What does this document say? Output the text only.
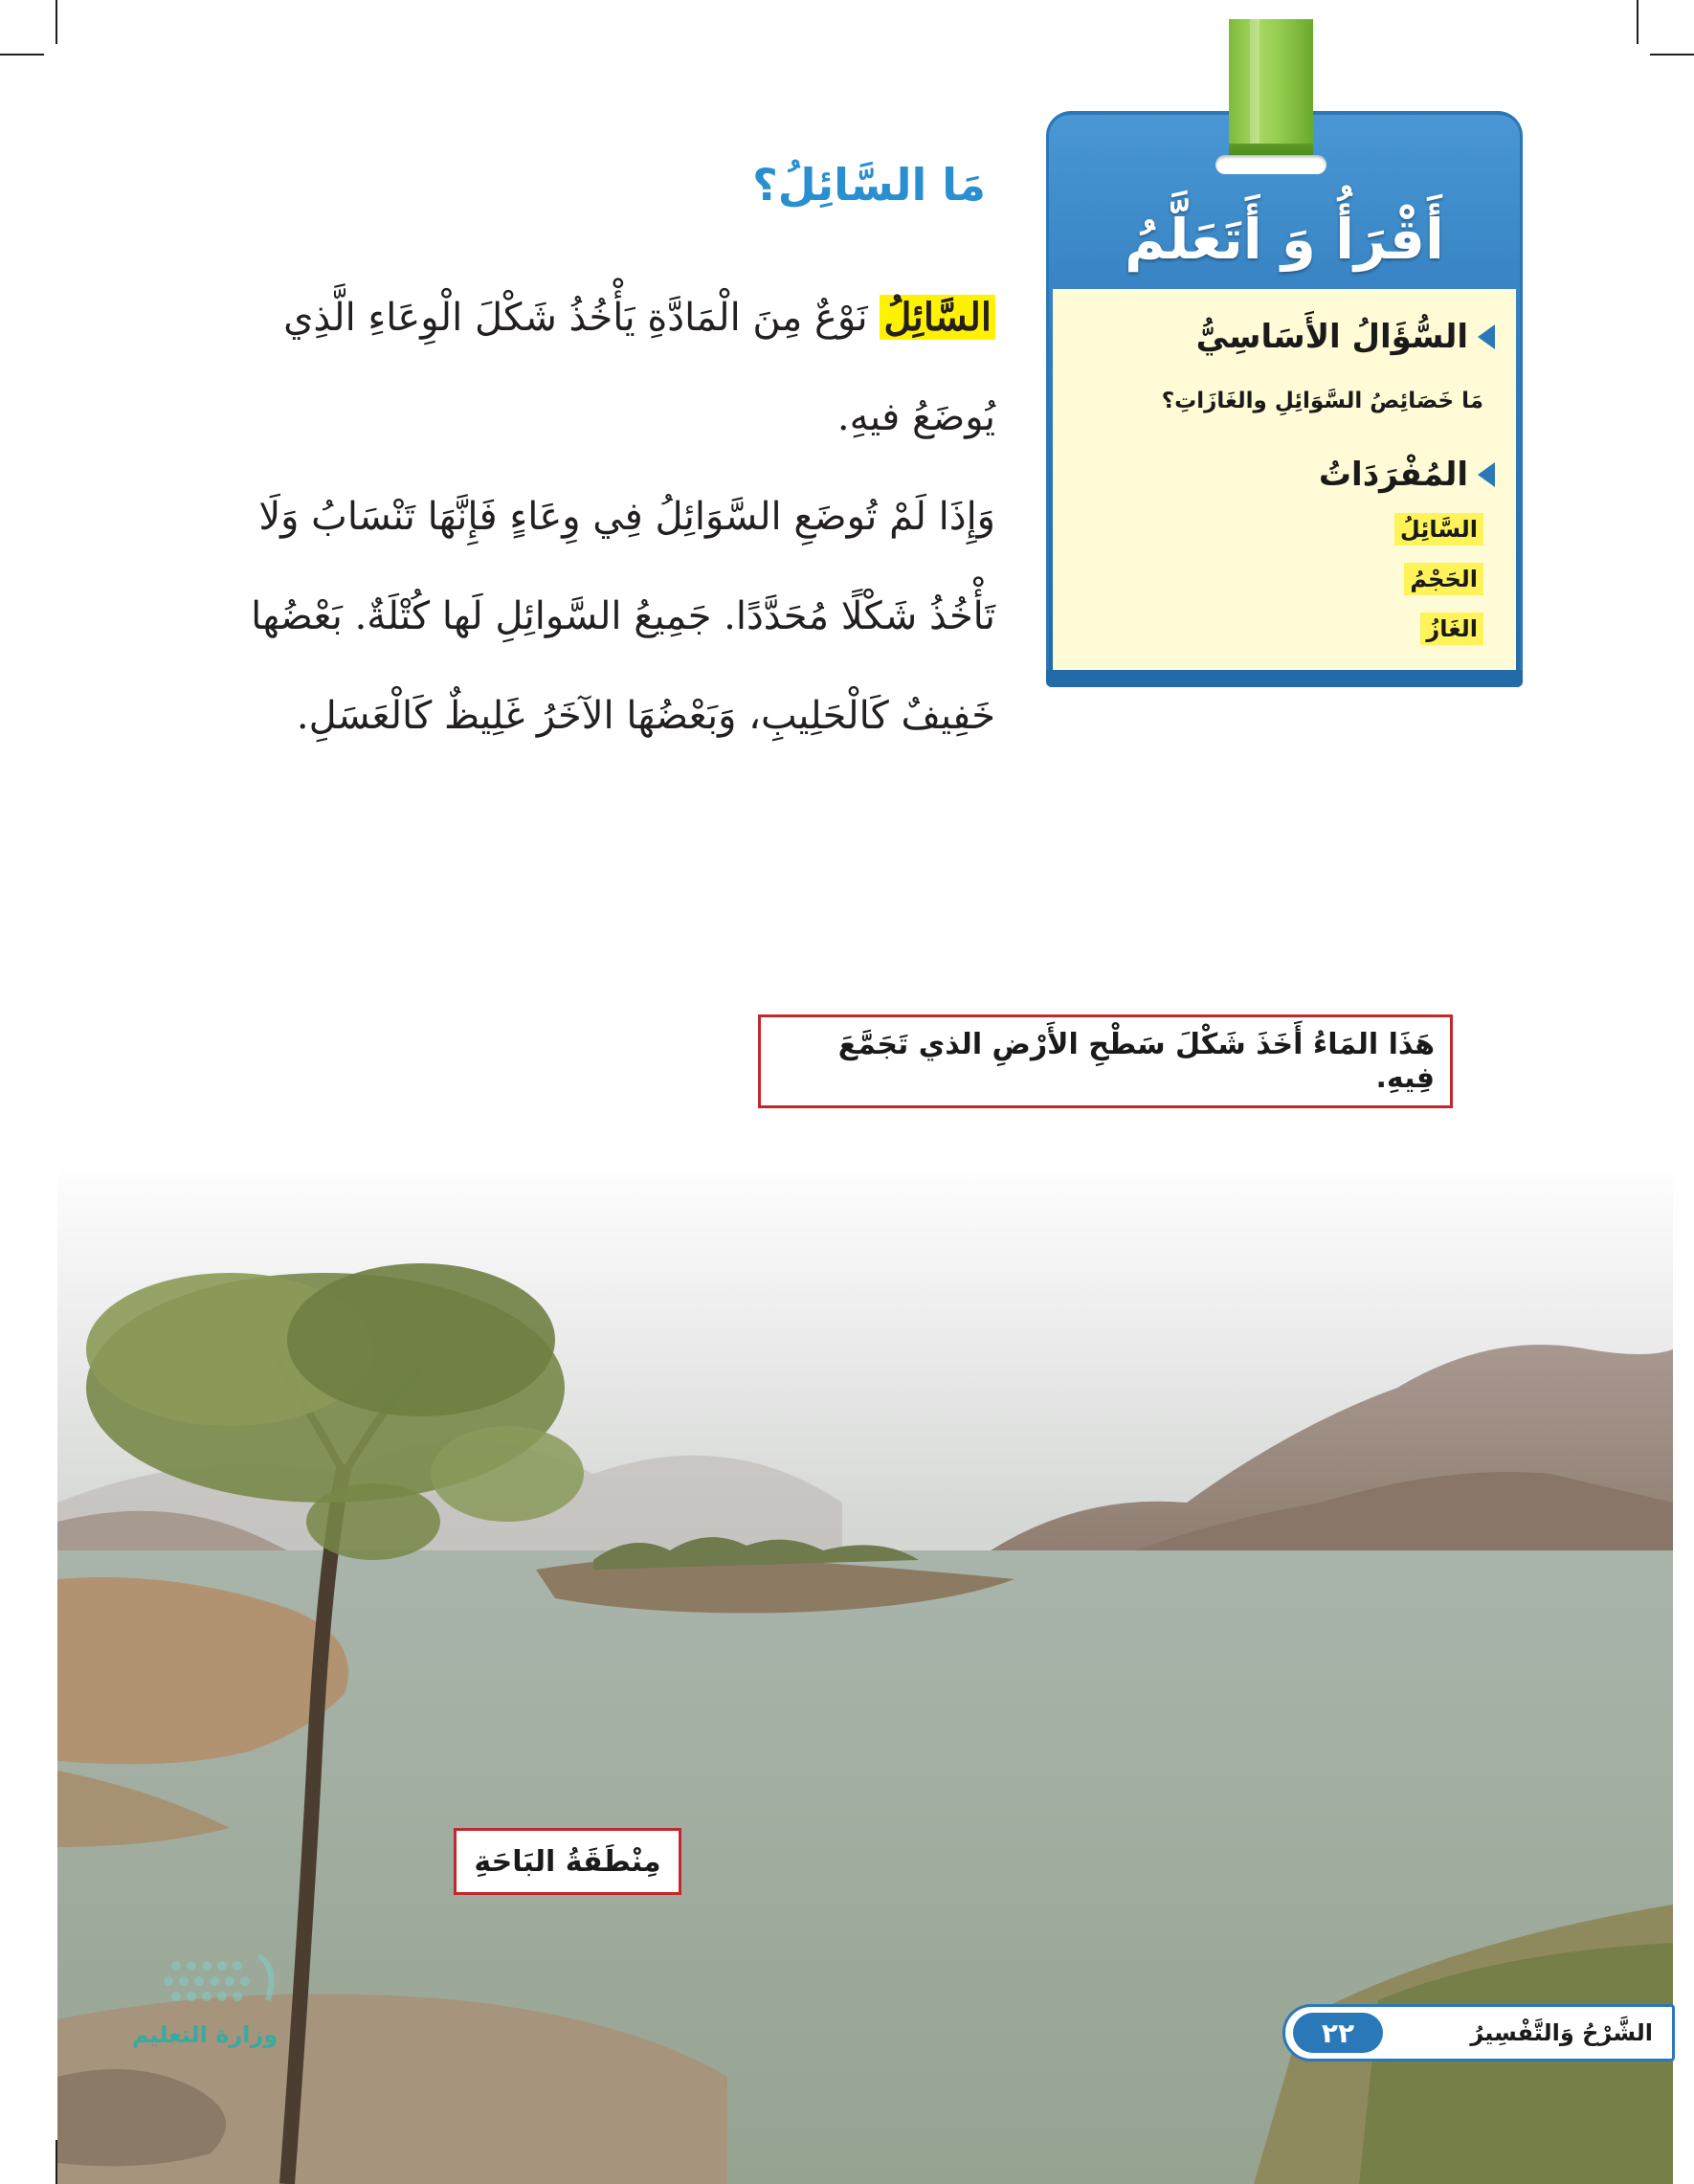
أَقْرَأُ وَ أَتَعَلَّمُ
السُّؤَالُ الأَسَاسِيُّ
مَا خَصَائِصُ السَّوَائِلِ والغَازَاتِ؟
المُفْرَدَاتُ
السَّائِلُ
الحَجْمُ
الغَازُ
مَا السَّائِلُ؟

السَّائِلُ نَوْعٌ مِنَ الْمَادَّةِ يَأْخُذُ شَكْلَ الْوِعَاءِ الَّذِي يُوضَعُ فيهِ.

وَإِذَا لَمْ تُوضَعِ السَّوَائِلُ فِي وِعَاءٍ فَإِنَّهَا تَنْسَابُ وَلَا تَأْخُذُ شَكْلًا مُحَدَّدًا. جَمِيعُ السَّوائِلِ لَها كُتْلَةٌ. بَعْضُها خَفِيفٌ كَالْحَلِيبِ، وَبَعْضُهَا الآخَرُ غَلِيظٌ كَالْعَسَلِ.

هَذَا المَاءُ أَخَذَ شَكْلَ سَطْحِ الأَرْضِ الذي تَجَمَّعَ فِيهِ.
مِنْطَقَةُ البَاحَةِ
وزارة التعليم	الشَّرْحُ وَالتَّفْسِيرُ
٢٢
